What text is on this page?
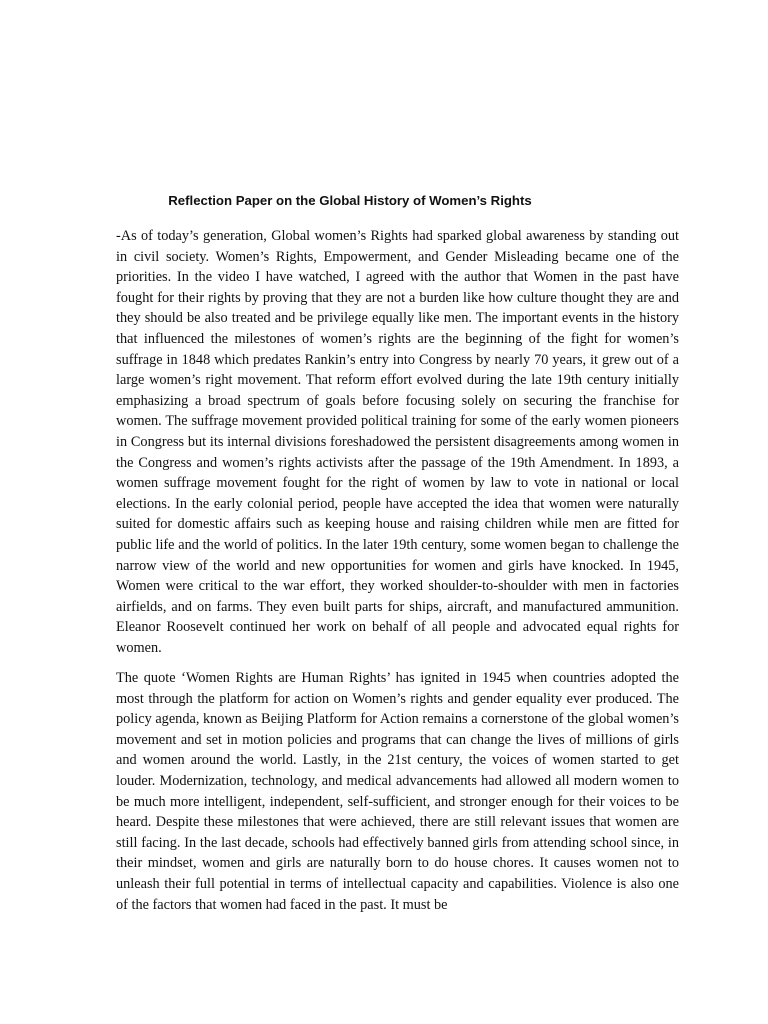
Reflection Paper on the Global History of Women’s Rights

-As of today’s generation, Global women’s Rights had sparked global awareness by standing out in civil society. Women’s Rights, Empowerment, and Gender Misleading became one of the priorities. In the video I have watched, I agreed with the author that Women in the past have fought for their rights by proving that they are not a burden like how culture thought they are and they should be also treated and be privilege equally like men. The important events in the history that influenced the milestones of women’s rights are the beginning of the fight for women’s suffrage in 1848 which predates Rankin’s entry into Congress by nearly 70 years, it grew out of a large women’s right movement. That reform effort evolved during the late 19th century initially emphasizing a broad spectrum of goals before focusing solely on securing the franchise for women. The suffrage movement provided political training for some of the early women pioneers in Congress but its internal divisions foreshadowed the persistent disagreements among women in the Congress and women’s rights activists after the passage of the 19th Amendment. In 1893, a women suffrage movement fought for the right of women by law to vote in national or local elections. In the early colonial period, people have accepted the idea that women were naturally suited for domestic affairs such as keeping house and raising children while men are fitted for public life and the world of politics. In the later 19th century, some women began to challenge the narrow view of the world and new opportunities for women and girls have knocked. In 1945, Women were critical to the war effort, they worked shoulder-to-shoulder with men in factories airfields, and on farms. They even built parts for ships, aircraft, and manufactured ammunition. Eleanor Roosevelt continued her work on behalf of all people and advocated equal rights for women.

The quote ‘Women Rights are Human Rights’ has ignited in 1945 when countries adopted the most through the platform for action on Women’s rights and gender equality ever produced. The policy agenda, known as Beijing Platform for Action remains a cornerstone of the global women’s movement and set in motion policies and programs that can change the lives of millions of girls and women around the world. Lastly, in the 21st century, the voices of women started to get louder. Modernization, technology, and medical advancements had allowed all modern women to be much more intelligent, independent, self-sufficient, and stronger enough for their voices to be heard. Despite these milestones that were achieved, there are still relevant issues that women are still facing. In the last decade, schools had effectively banned girls from attending school since, in their mindset, women and girls are naturally born to do house chores. It causes women not to unleash their full potential in terms of intellectual capacity and capabilities. Violence is also one of the factors that women had faced in the past. It must be
